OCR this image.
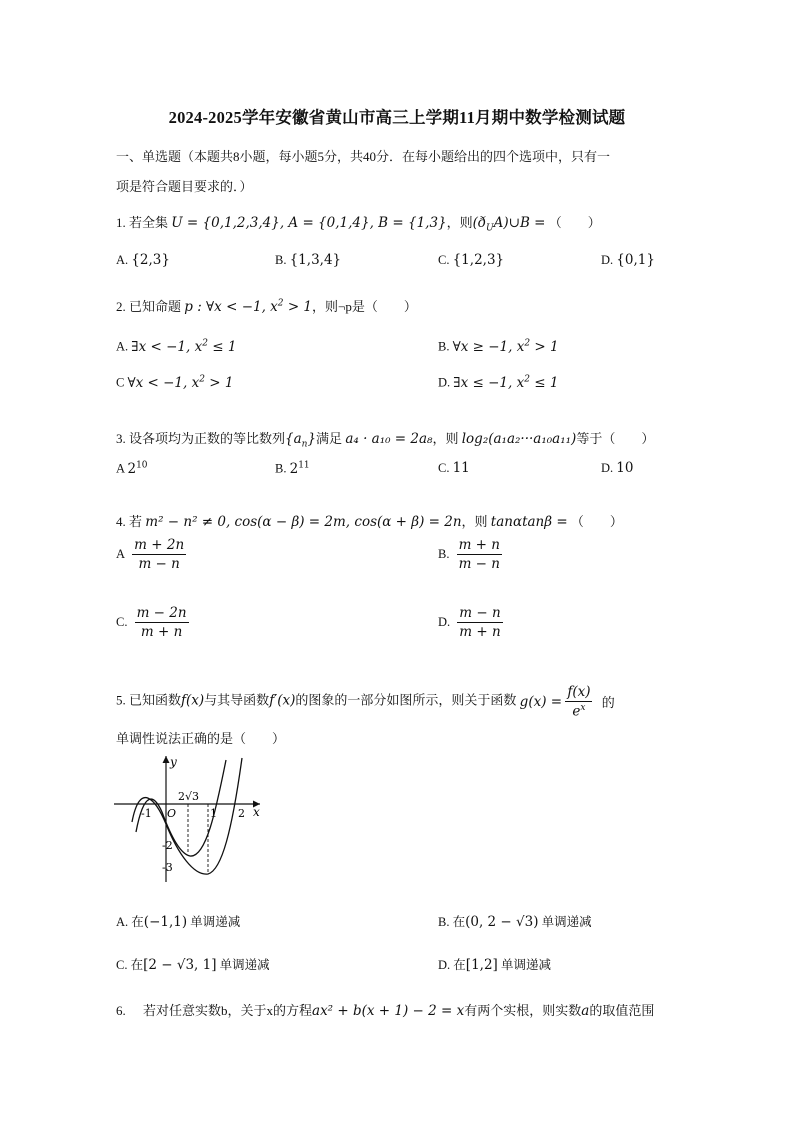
2024-2025学年安徽省黄山市高三上学期11月期中数学检测试题
一、单选题（本题共8小题，每小题5分，共40分．在每小题给出的四个选项中，只有一
项是符合题目要求的．）
1. 若全集 U = {0,1,2,3,4}, A = {0,1,4}, B = {1,3}，则$(ð_UA)\cup B$ = （　　）
A. {2,3}	B. {1,3,4}	C. {1,2,3}	D. {0,1}
2. 已知命题 p : ∀x < −1, $x^2 > 1$，则¬p是（　　）
A. ∃x < −1, $x^2 \le 1$	B. ∀x ≥ −1, $x^2 > 1$
C ∀x < −1, $x^2 > 1$	D. ∃x ≤ −1, $x^2 \le 1$
3. 设各项均为正数的等比数列$\{a_n\}$满足 a₄ · a₁₀ = 2a₈，则 log₂(a₁a₂···a₁₀a₁₁)等于（　　）
A $2^{10}$	B. $2^{11}$	C. 11	D. 10
4. 若 m² − n² ≠ 0, cos(α − β) = 2m, cos(α + β) = 2n，则 tanαtanβ = （　　）
A $\frac{m + 2n}{m - n}$	B. $\frac{m + n}{m - n}$
C. $\frac{m - 2n}{m + n}$	D. $\frac{m - n}{m + n}$
5. 已知函数f(x)与其导函数f′(x)的图象的一部分如图所示，则关于函数 $g(x) = \frac{f(x)}{e^x}$ 的
单调性说法正确的是（　　）
y
x
O
-1	1 2
-2
-3
2√3
A. 在(−1,1) 单调递减	B. 在(0, 2 − √3) 单调递减
C. 在[2 − √3, 1] 单调递减	D. 在[1,2] 单调递减
6. 若对任意实数b，关于x的方程ax² + b(x + 1) − 2 = x有两个实根，则实数a的取值范围
